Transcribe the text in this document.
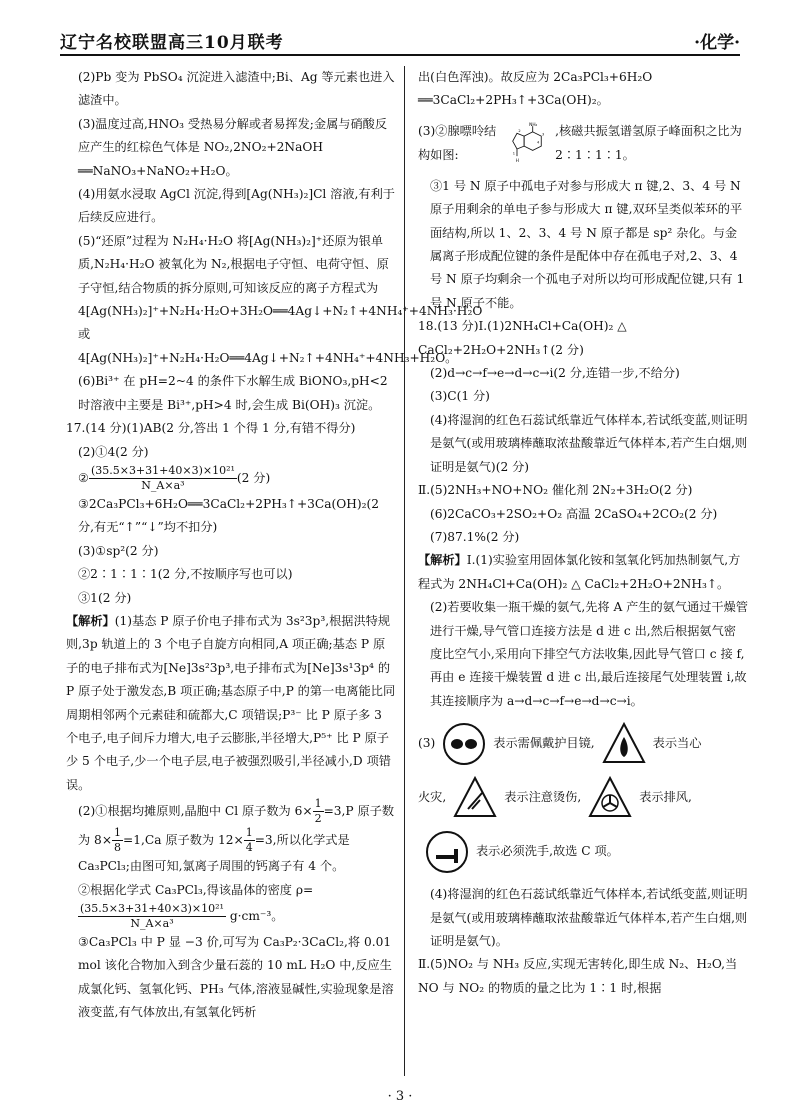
辽宁名校联盟高三10月联考	·化学·

(2)Pb 变为 PbSO₄ 沉淀进入滤渣中;Bi、Ag 等元素也进入滤渣中。

(3)温度过高,HNO₃ 受热易分解或者易挥发;金属与硝酸反应产生的红棕色气体是 NO₂,2NO₂+2NaOH ══NaNO₃+NaNO₂+H₂O。

(4)用氨水浸取 AgCl 沉淀,得到[Ag(NH₃)₂]Cl 溶液,有利于后续反应进行。

(5)“还原”过程为 N₂H₄·H₂O 将[Ag(NH₃)₂]⁺还原为银单质,N₂H₄·H₂O 被氧化为 N₂,根据电子守恒、电荷守恒、原子守恒,结合物质的拆分原则,可知该反应的离子方程式为 4[Ag(NH₃)₂]⁺+N₂H₄·H₂O+3H₂O══4Ag↓+N₂↑+4NH₄⁺+4NH₃·H₂O 或 4[Ag(NH₃)₂]⁺+N₂H₄·H₂O══4Ag↓+N₂↑+4NH₄⁺+4NH₃+H₂O。

(6)Bi³⁺ 在 pH=2~4 的条件下水解生成 BiONO₃,pH<2 时溶液中主要是 Bi³⁺,pH>4 时,会生成 Bi(OH)₃ 沉淀。

17.(14 分)(1)AB(2 分,答出 1 个得 1 分,有错不得分)

(2)①4(2 分)

② $\frac{\text{(35.5×3+31+40×3)×10²¹}}{\text{N\_A×a³}} (2$ 分)

③2Ca₃PCl₃+6H₂O══3CaCl₂+2PH₃↑+3Ca(OH)₂(2 分,有无“↑”“↓”均不扣分)

(3)①sp²(2 分)

②2∶1∶1∶1(2 分,不按顺序写也可以)

③1(2 分)

【解析】(1)基态 P 原子价电子排布式为 3s²3p³,根据洪特规则,3p 轨道上的 3 个电子自旋方向相同,A 项正确;基态 P 原子的电子排布式为[Ne]3s²3p³,电子排布式为[Ne]3s¹3p⁴ 的 P 原子处于激发态,B 项正确;基态原子中,P 的第一电离能比同周期相邻两个元素硅和硫都大,C 项错误;P³⁻ 比 P 原子多 3 个电子,电子间斥力增大,电子云膨胀,半径增大,P⁵⁺ 比 P 原子少 5 个电子,少一个电子层,电子被强烈吸引,半径减小,D 项错误。

(2)①根据均摊原则,晶胞中 Cl 原子数为 $6\times \frac{1}{2} =3,P$ 原子数为 $8\times \frac{1}{8} =1,Ca$ 原子数为 $12\times \frac{1}{4} =3$,所以化学式是 Ca₃PCl₃;由图可知,氯离子周围的钙离子有 4 个。

②根据化学式 Ca₃PCl₃,得该晶体的密度 ρ=

$\frac{\text{(35.5×3+31+40×3)×10²¹}}{\text{N\_A×a³}} g\cdot cm^{-3}$。

③Ca₃PCl₃ 中 P 显 −3 价,可写为 Ca₃P₂·3CaCl₂,将 0.01 mol 该化合物加入到含少量石蕊的 10 mL H₂O 中,反应生成氯化钙、氢氧化钙、PH₃ 气体,溶液显碱性,实验现象是溶液变蓝,有气体放出,有氢氧化钙析

出(白色浑浊)。故反应为 2Ca₃PCl₃+6H₂O ══3CaCl₂+2PH₃↑+3Ca(OH)₂。

(3)②腺嘌呤结构如图:
NH₂
H
2
3
4
1
,核磁共振氢谱氢原子峰面积之比为 2∶1∶1∶1。

③1 号 N 原子中孤电子对参与形成大 π 键,2、3、4 号 N 原子用剩余的单电子参与形成大 π 键,双环呈类似苯环的平面结构,所以 1、2、3、4 号 N 原子都是 sp² 杂化。与金属离子形成配位键的条件是配体中存在孤电子对,2、3、4 号 N 原子均剩余一个孤电子对所以均可形成配位键,只有 1 号 N 原子不能。

18.(13 分)Ⅰ.(1)2NH₄Cl+Ca(OH)₂ △ CaCl₂+2H₂O+2NH₃↑(2 分)

(2)d→c→f→e→d→c→i(2 分,连错一步,不给分)

(3)C(1 分)

(4)将湿润的红色石蕊试纸靠近气体样本,若试纸变蓝,则证明是氨气(或用玻璃棒蘸取浓盐酸靠近气体样本,若产生白烟,则证明是氨气)(2 分)

Ⅱ.(5)2NH₃+NO+NO₂ 催化剂 2N₂+3H₂O(2 分)

(6)2CaCO₃+2SO₂+O₂ 高温 2CaSO₄+2CO₂(2 分)

(7)87.1%(2 分)

【解析】Ⅰ.(1)实验室用固体氯化铵和氢氧化钙加热制氨气,方程式为 2NH₄Cl+Ca(OH)₂ △ CaCl₂+2H₂O+2NH₃↑。

(2)若要收集一瓶干燥的氨气,先将 A 产生的氨气通过干燥管进行干燥,导气管口连接方法是 d 进 c 出,然后根据氨气密度比空气小,采用向下排空气方法收集,因此导气管口 c 接 f,再由 e 连接干燥装置 d 进 c 出,最后连接尾气处理装置 i,故其连接顺序为 a→d→c→f→e→d→c→i。

(3)	表示需佩戴护目镜,	表示当心
火灾,	表示注意烫伤,	表示排风,
表示必须洗手,故选 C 项。

(4)将湿润的红色石蕊试纸靠近气体样本,若试纸变蓝,则证明是氨气(或用玻璃棒蘸取浓盐酸靠近气体样本,若产生白烟,则证明是氨气)。

Ⅱ.(5)NO₂ 与 NH₃ 反应,实现无害转化,即生成 N₂、H₂O,当 NO 与 NO₂ 的物质的量之比为 1∶1 时,根据

· 3 ·
